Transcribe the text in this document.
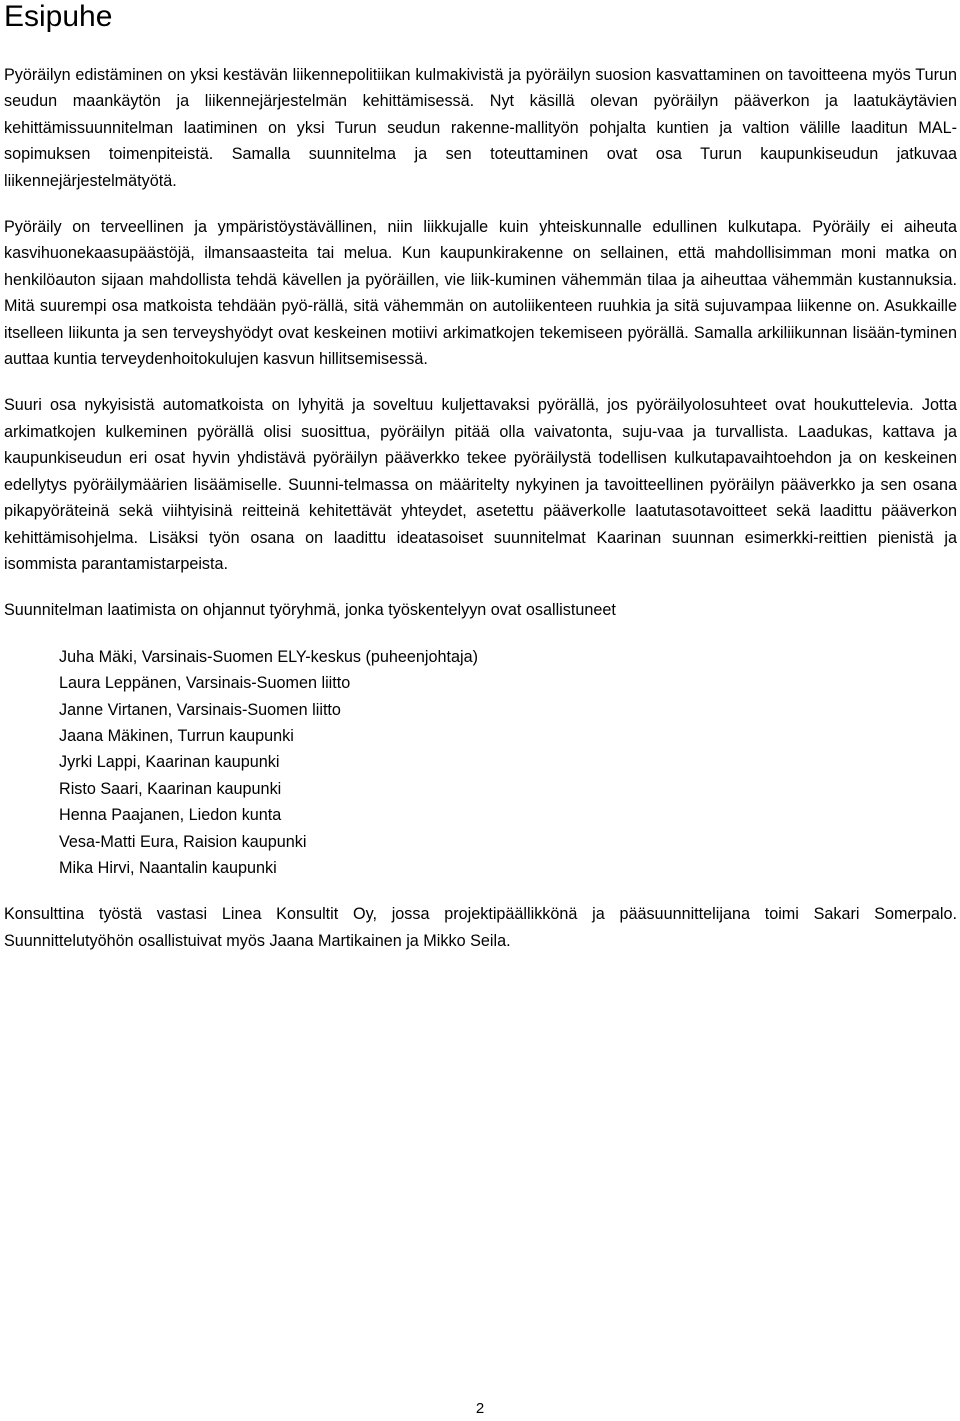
Esipuhe

Pyöräilyn edistäminen on yksi kestävän liikennepolitiikan kulmakivistä ja pyöräilyn suosion kasvattaminen on tavoitteena myös Turun seudun maankäytön ja liikennejärjestelmän kehittämisessä. Nyt käsillä olevan pyöräilyn pääverkon ja laatukäytävien kehittämissuunnitelman laatiminen on yksi Turun seudun rakenne-mallityön pohjalta kuntien ja valtion välille laaditun MAL-sopimuksen toimenpiteistä. Samalla suunnitelma ja sen toteuttaminen ovat osa Turun kaupunkiseudun jatkuvaa liikennejärjestelmätyötä.

Pyöräily on terveellinen ja ympäristöystävällinen, niin liikkujalle kuin yhteiskunnalle edullinen kulkutapa. Pyöräily ei aiheuta kasvihuonekaasupäästöjä, ilmansaasteita tai melua. Kun kaupunkirakenne on sellainen, että mahdollisimman moni matka on henkilöauton sijaan mahdollista tehdä kävellen ja pyöräillen, vie liik-kuminen vähemmän tilaa ja aiheuttaa vähemmän kustannuksia. Mitä suurempi osa matkoista tehdään pyö-rällä, sitä vähemmän on autoliikenteen ruuhkia ja sitä sujuvampaa liikenne on. Asukkaille itselleen liikunta ja sen terveyshyödyt ovat keskeinen motiivi arkimatkojen tekemiseen pyörällä. Samalla arkiliikunnan lisään-tyminen auttaa kuntia terveydenhoitokulujen kasvun hillitsemisessä.

Suuri osa nykyisistä automatkoista on lyhyitä ja soveltuu kuljettavaksi pyörällä, jos pyöräilyolosuhteet ovat houkuttelevia. Jotta arkimatkojen kulkeminen pyörällä olisi suosittua, pyöräilyn pitää olla vaivatonta, suju-vaa ja turvallista. Laadukas, kattava ja kaupunkiseudun eri osat hyvin yhdistävä pyöräilyn pääverkko tekee pyöräilystä todellisen kulkutapavaihtoehdon ja on keskeinen edellytys pyöräilymäärien lisäämiselle. Suunni-telmassa on määritelty nykyinen ja tavoitteellinen pyöräilyn pääverkko ja sen osana pikapyöräteinä sekä viihtyisinä reitteinä kehitettävät yhteydet, asetettu pääverkolle laatutasotavoitteet sekä laadittu pääverkon kehittämisohjelma. Lisäksi työn osana on laadittu ideatasoiset suunnitelmat Kaarinan suunnan esimerkki-reittien pienistä ja isommista parantamistarpeista.

Suunnitelman laatimista on ohjannut työryhmä, jonka työskentelyyn ovat osallistuneet

Juha Mäki, Varsinais-Suomen ELY-keskus (puheenjohtaja)
Laura Leppänen, Varsinais-Suomen liitto
Janne Virtanen, Varsinais-Suomen liitto
Jaana Mäkinen, Turrun kaupunki
Jyrki Lappi, Kaarinan kaupunki
Risto Saari, Kaarinan kaupunki
Henna Paajanen, Liedon kunta
Vesa-Matti Eura, Raision kaupunki
Mika Hirvi, Naantalin kaupunki

Konsulttina työstä vastasi Linea Konsultit Oy, jossa projektipäällikkönä ja pääsuunnittelijana toimi Sakari Somerpalo. Suunnittelutyöhön osallistuivat myös Jaana Martikainen ja Mikko Seila.

2
